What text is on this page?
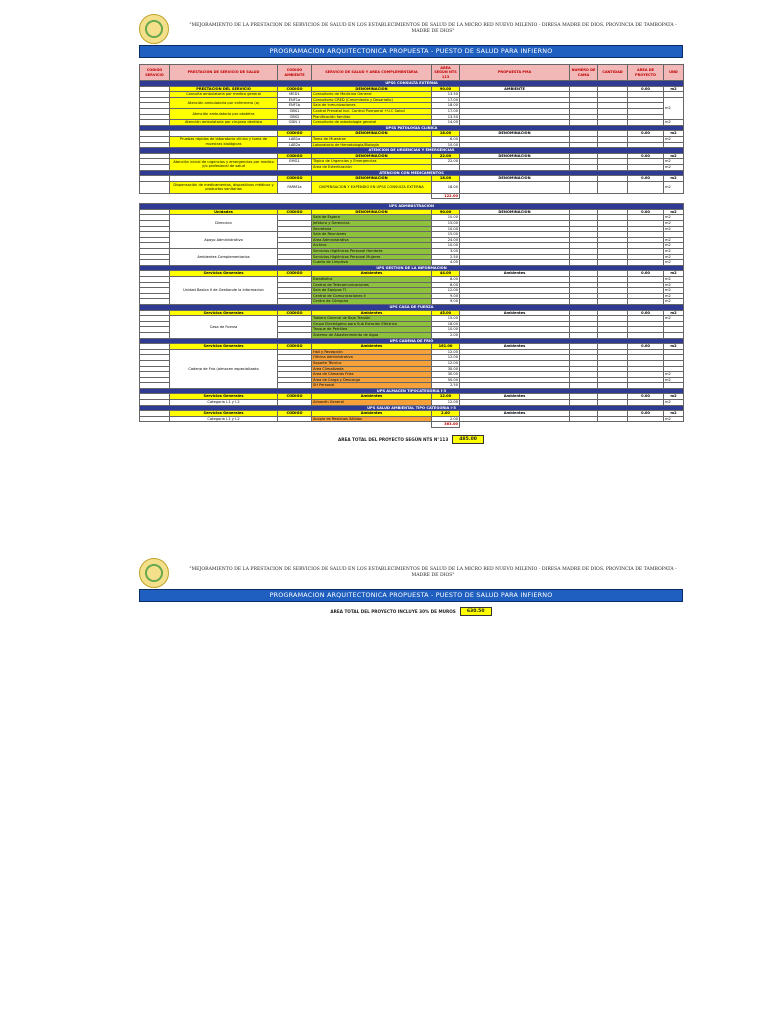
"MEJORAMIENTO DE LA PRESTACION DE SERVICIOS DE SALUD EN LOS ESTABLECIMIENTOS DE SALUD DE LA MICRO RED NUEVO MILENIO - DIRESA MADRE DE DIOS, PROVINCIA DE TAMBOPATA - MADRE DE DIOS"
PROGRAMACION ARQUITECTONICA PROPUESTA - PUESTO DE SALUD PARA INFIERNO
CODIGO SERVICIO	PRESTACION DE SERVICIO DE SALUD	CODIGO AMBIENTE	SERVICIO DE SALUD Y AREA COMPLEMENTARIA	AREA SEGÚN NTS 113	PROPUESTA PMA	NUMERO DE CAMA	CANTIDAD	AREA DE PROYECTO	UND
UPSS CONSULTA EXTERNA									
	PRESTACION DEL SERVICIO	CODIGO	DENOMINACION	90.00	AMBIENTE			0.00	m2
	Consulta ambulatoria por medico general	MED1	Consultorio de Medicina General	13.50					
	Atención ambulatoria por enfermero (a)	ENF1a	Consultorio CRED (Crecimiento y Desarrollo)	17.00					m2
		ENF1b	Sala de Inmunizaciones	18.00					
	Atención ambulatoria por obstetra	OBS1	Control Prenatal Incl. Control Puerperal +U.C Salud	17.00					
		OBS2	Planificación familiar	13.50					
	Atención ambulatoria por cirujano dentista	ODN 1	Consultorio de odontología general	14.00					m2
UPSS PATOLOGIA CLINICA									
		CODIGO	DENOMINACION	18.00	DENOMINACION			0.00	m2
	Pruebas rápidas de laboratorio clínico y toma de muestras biológicas	LAB1a	Toma de Muestras	6.00					m2
		LAB2a	Laboratorio de Hematología/Biología	10.00					
ATENCION DE URGENCIAS Y EMERGENCIAS									
		CODIGO	DENOMINACION	22.00	DENOMINACION			0.00	m2
	Atención inicial de urgencias y emergencias por medico y/o profesional de salud	EMG1	Tópico de Urgencias y Emergencias	22.00					m2
			Área de Esterilización						m2
ATENCION CON MEDICAMENTOS									
		CODIGO	DENOMINACION	18.00	DENOMINACION			0.00	m2
	Dispensación de medicamentos, dispositivos médicos y productos sanitarios	FARM1a	DISPENSACION Y EXPENDIO EN UPSS CONSULTA EXTERNA	18.00					m2
				122.00					

UPS ADMINISTRACION									
	Unidades	CODIGO	DENOMINACION	90.00	DENOMINACION			0.00	m2
	Direccion		Sala de Espera	10.00					m2
			Jefatura y Gerencias	15.00					m2
			Secretaria	10.00					m2
	Apoyo Administrativo		Sala de Reuniones	15.00					
			Área Administrativa	24.00					m2
			Archivo	10.00					m2
	Ambientes Complementarios		Servicios Higiénicos Personal Hombres	3.00					m2
			Servicios Higiénicos Personal Mujeres	2.50					m2
			Cuarto de Limpieza	4.00					m2
UPS GESTION DE LA INFORMACION									
	Servicios Generales	CODIGO	Ambientes	44.00	Ambientes			0.00	m2
	Unidad Basica II de Gestionde la Informacion		Estadística	8.00					m2
			Central de Telecomunicaciones	8.00					m2
			Sala de Equipos TI	12.00					m2
			Central de Comunicaciones II	9.00					m2
			Centro de Cómputo	9.00					m2
UPS CASA DE FUERZA									
	Servicios Generales	CODIGO	Ambientes	45.00	Ambientes			0.00	m2
	Casa de Fuerza		Tablero General de Baja Tensión	15.00					m2
			Grupo Electrógeno para Sub Estación Eléctrica	18.00					
			Tanque de Petróleo	10.00					
			Sistema de Abastecimiento de Agua	2.00					
UPS CADENA DE FRIO									
	Servicios Generales	CODIGO	Ambientes	161.00	Ambientes			0.00	m2
	Cadena de Frio (almacen especializado		Hall y Recepción	12.00					
			Oficina Administrativa	12.00					
			Soporte Técnico	12.00					
			Área Climatizada	30.00					
			Área de Cámaras Frías	30.00					m2
			Área de Carga y Descarga	50.00					m2
			SH Personal	2.50					
UPS ALMACEN TIPOCATEGORIA I-3									
	Servicios Generales	CODIGO	Ambientes	12.00	Ambientes			0.00	m2
	Categoria I-1 y I-2		Almacén General	12.00					m2
UPS SALUD AMBIENTAL TIPO CATEGORIA I-3									
	Servicios Generales	CODIGO	Ambientes	2.00	Ambientes			0.00	m2
	Categoria I-1 y I-2		Acopio de Residuos Sólidos	2.00					m2
				363.00					
AREA TOTAL DEL PROYECTO SEGÚN NTS N°113	485.00
"MEJORAMIENTO DE LA PRESTACION DE SERVICIOS DE SALUD EN LOS ESTABLECIMIENTOS DE SALUD DE LA MICRO RED NUEVO MILENIO - DIRESA MADRE DE DIOS, PROVINCIA DE TAMBOPATA - MADRE DE DIOS"
PROGRAMACION ARQUITECTONICA PROPUESTA - PUESTO DE SALUD PARA INFIERNO
AREA TOTAL DEL PROYECTO INCLUYE 30% DE MUROS	630.50
